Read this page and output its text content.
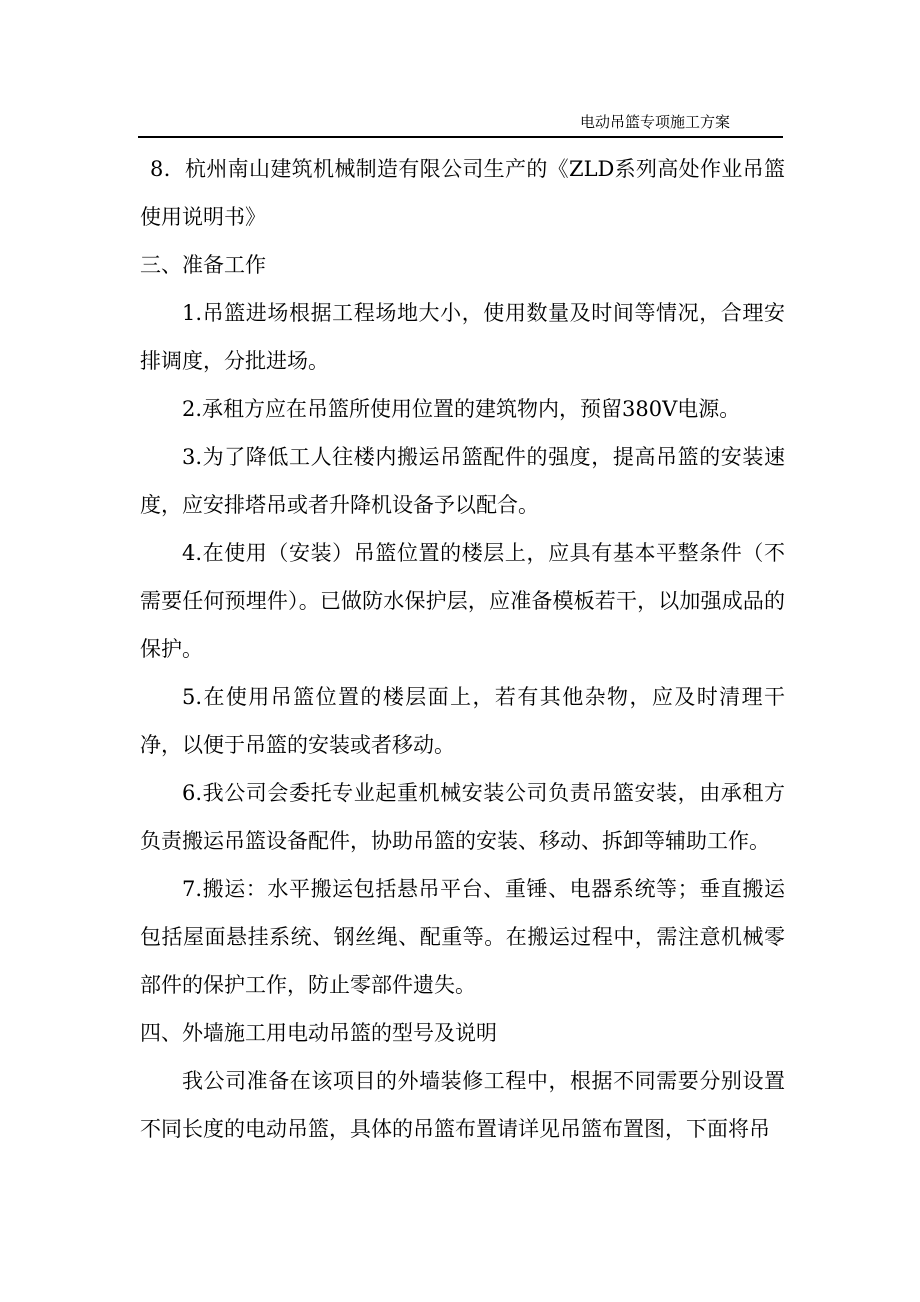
电动吊篮专项施工方案

8．杭州南山建筑机械制造有限公司生产的《ZLD系列高处作业吊篮使用说明书》

三、准备工作

1.吊篮进场根据工程场地大小，使用数量及时间等情况，合理安排调度，分批进场。

2.承租方应在吊篮所使用位置的建筑物内，预留380V电源。

3.为了降低工人往楼内搬运吊篮配件的强度，提高吊篮的安装速度，应安排塔吊或者升降机设备予以配合。

4.在使用（安装）吊篮位置的楼层上，应具有基本平整条件（不需要任何预埋件）。已做防水保护层，应准备模板若干，以加强成品的保护。

5.在使用吊篮位置的楼层面上，若有其他杂物，应及时清理干净，以便于吊篮的安装或者移动。

6.我公司会委托专业起重机械安装公司负责吊篮安装，由承租方负责搬运吊篮设备配件，协助吊篮的安装、移动、拆卸等辅助工作。

7.搬运：水平搬运包括悬吊平台、重锤、电器系统等；垂直搬运包括屋面悬挂系统、钢丝绳、配重等。在搬运过程中，需注意机械零部件的保护工作，防止零部件遗失。

四、外墙施工用电动吊篮的型号及说明

我公司准备在该项目的外墙装修工程中，根据不同需要分别设置不同长度的电动吊篮，具体的吊篮布置请详见吊篮布置图，下面将吊
